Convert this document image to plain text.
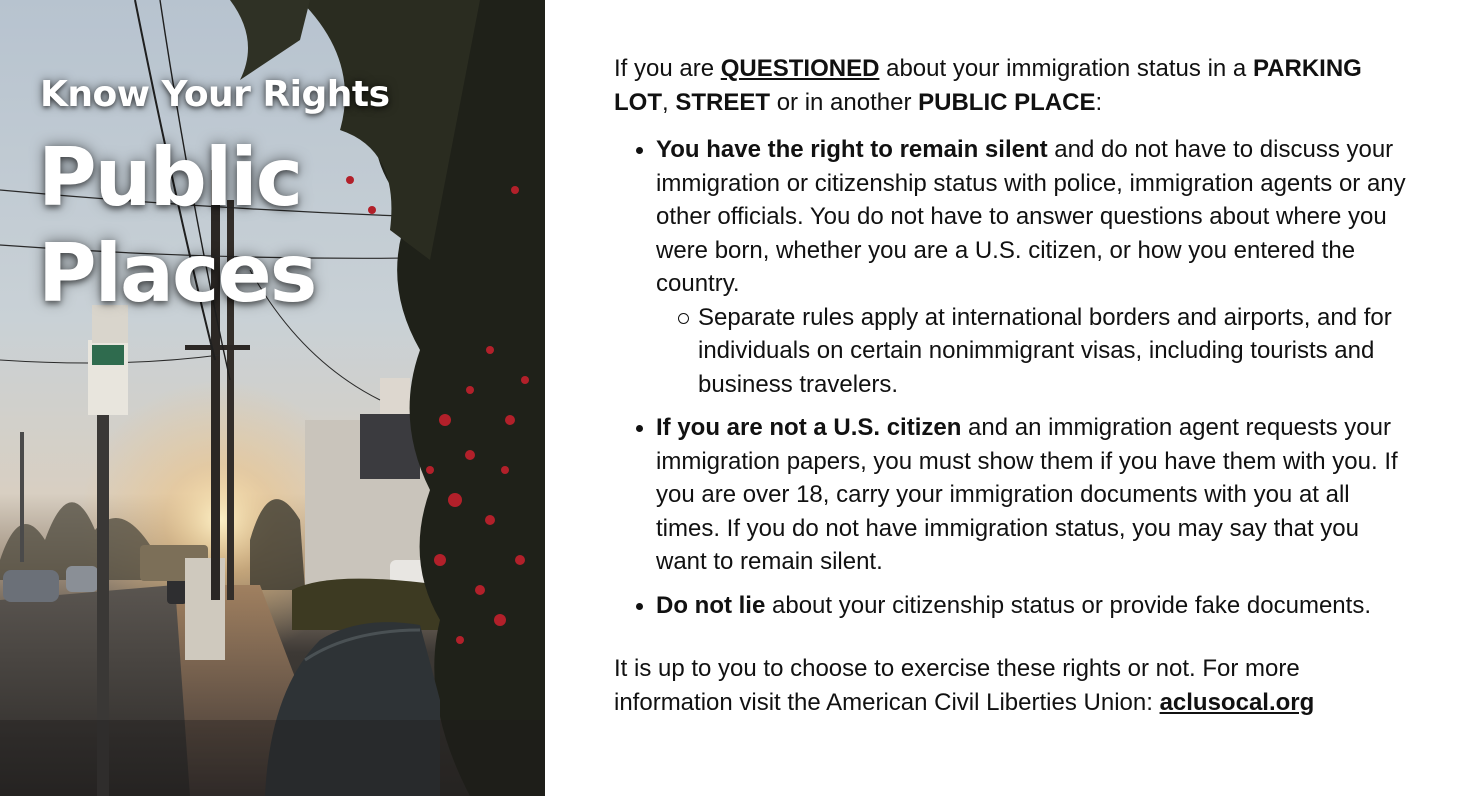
Know Your Rights
Public
Places

If you are QUESTIONED about your immigration status in a PARKING LOT, STREET or in another PUBLIC PLACE:

You have the right to remain silent and do not have to discuss your immigration or citizenship status with police, immigration agents or any other officials. You do not have to answer questions about where you were born, whether you are a U.S. citizen, or how you entered the country.
Separate rules apply at international borders and airports, and for individuals on certain nonimmigrant visas, including tourists and business travelers.
If you are not a U.S. citizen and an immigration agent requests your immigration papers, you must show them if you have them with you. If you are over 18, carry your immigration documents with you at all times. If you do not have immigration status, you may say that you want to remain silent.
Do not lie about your citizenship status or provide fake documents.

It is up to you to choose to exercise these rights or not. For more information visit the American Civil Liberties Union: aclusocal.org
